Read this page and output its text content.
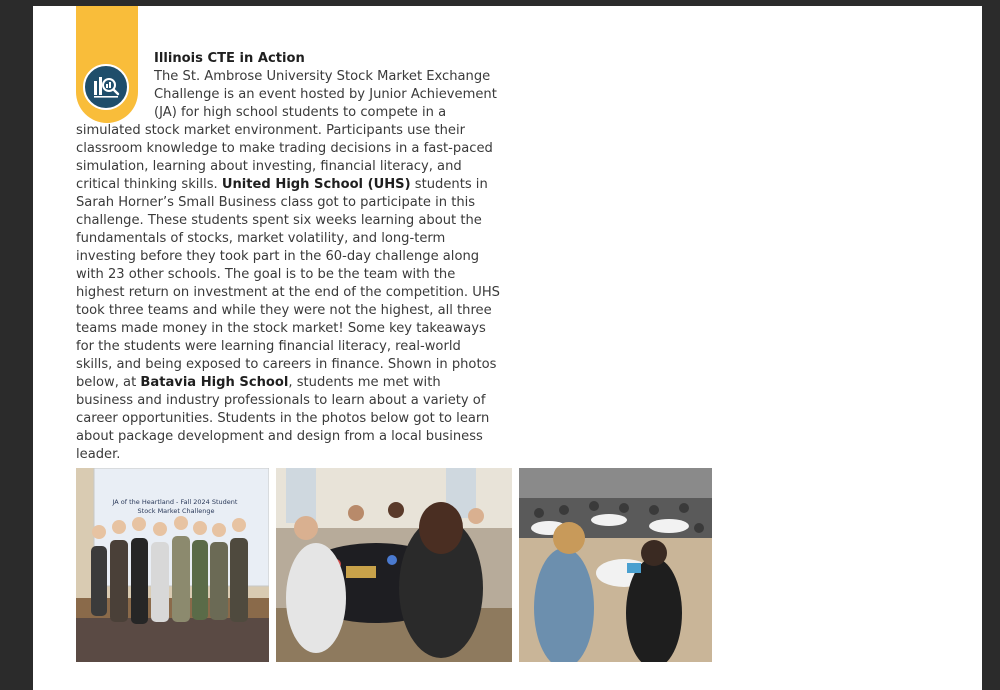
Illinois CTE in Action
The St. Ambrose University Stock Market Exchange Challenge is an event hosted by Junior Achievement (JA) for high school students to compete in a simulated stock market environment. Participants use their classroom knowledge to make trading decisions in a fast-paced simulation, learning about investing, financial literacy, and critical thinking skills. United High School (UHS) students in Sarah Horner’s Small Business class got to participate in this challenge. These students spent six weeks learning about the fundamentals of stocks, market volatility, and long-term investing before they took part in the 60-day challenge along with 23 other schools. The goal is to be the team with the highest return on investment at the end of the competition. UHS took three teams and while they were not the highest, all three teams made money in the stock market! Some key takeaways for the students were learning financial literacy, real-world skills, and being exposed to careers in finance. Shown in photos below, at Batavia High School, students me met with business and industry professionals to learn about a variety of career opportunities. Students in the photos below got to learn about package development and design from a local business leader.
JA of the Heartland - Fall 2024 Student Stock Market Challenge
